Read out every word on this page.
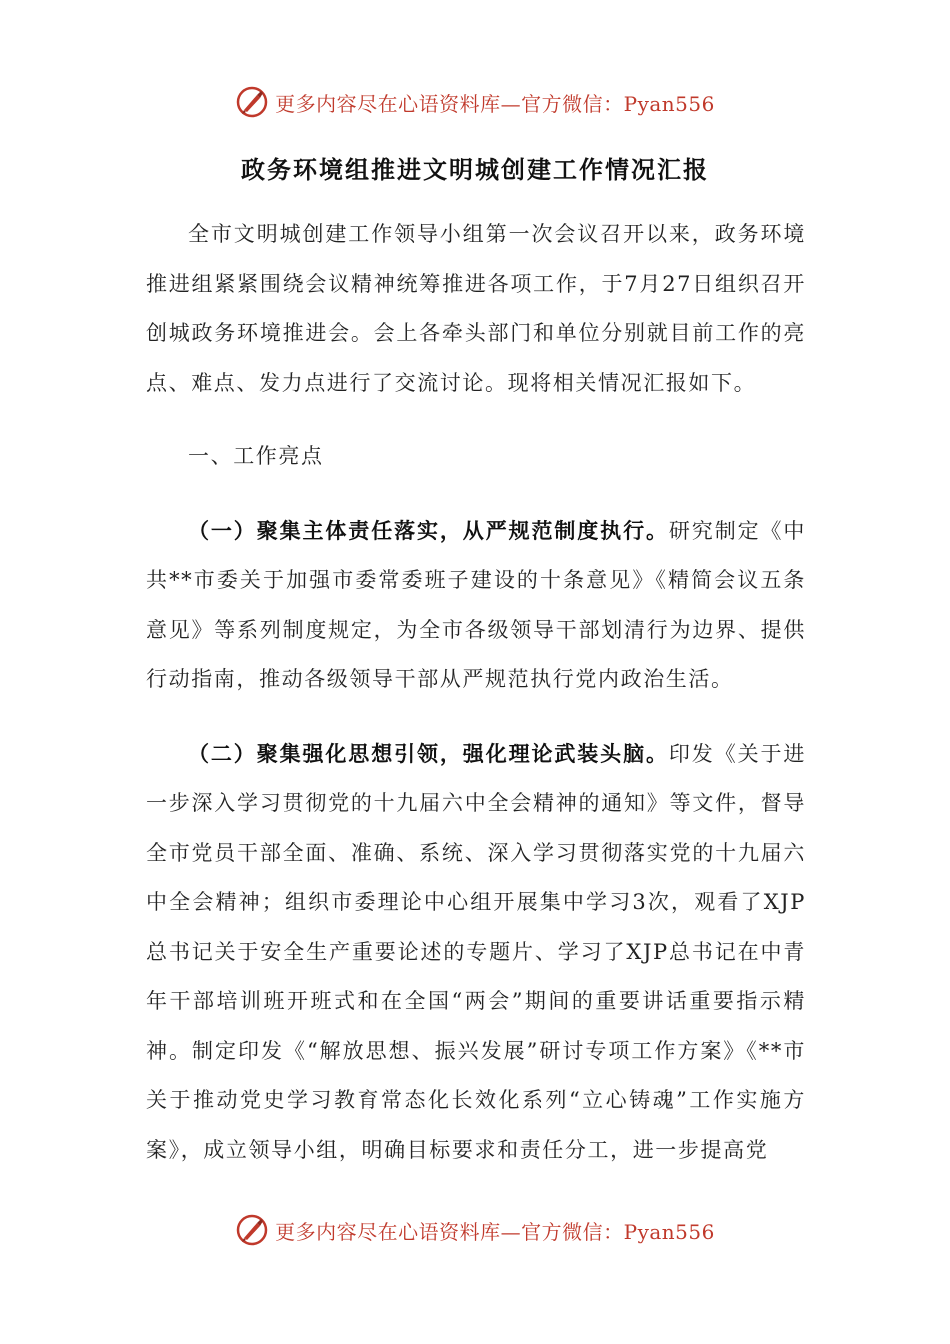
更多内容尽在心语资料库—官方微信：Pyan556
政务环境组推进文明城创建工作情况汇报

全市文明城创建工作领导小组第一次会议召开以来，政务环境推进组紧紧围绕会议精神统筹推进各项工作，于7月27日组织召开创城政务环境推进会。会上各牵头部门和单位分别就目前工作的亮点、难点、发力点进行了交流讨论。现将相关情况汇报如下。

一、工作亮点

（一）聚集主体责任落实，从严规范制度执行。研究制定《中共**市委关于加强市委常委班子建设的十条意见》《精简会议五条意见》等系列制度规定，为全市各级领导干部划清行为边界、提供行动指南，推动各级领导干部从严规范执行党内政治生活。

（二）聚集强化思想引领，强化理论武装头脑。印发《关于进一步深入学习贯彻党的十九届六中全会精神的通知》等文件，督导全市党员干部全面、准确、系统、深入学习贯彻落实党的十九届六中全会精神；组织市委理论中心组开展集中学习3次，观看了XJP总书记关于安全生产重要论述的专题片、学习了XJP总书记在中青年干部培训班开班式和在全国“两会”期间的重要讲话重要指示精神。制定印发《“解放思想、振兴发展”研讨专项工作方案》《**市关于推动党史学习教育常态化长效化系列“立心铸魂”工作实施方案》，成立领导小组，明确目标要求和责任分工，进一步提高党

更多内容尽在心语资料库—官方微信：Pyan556
